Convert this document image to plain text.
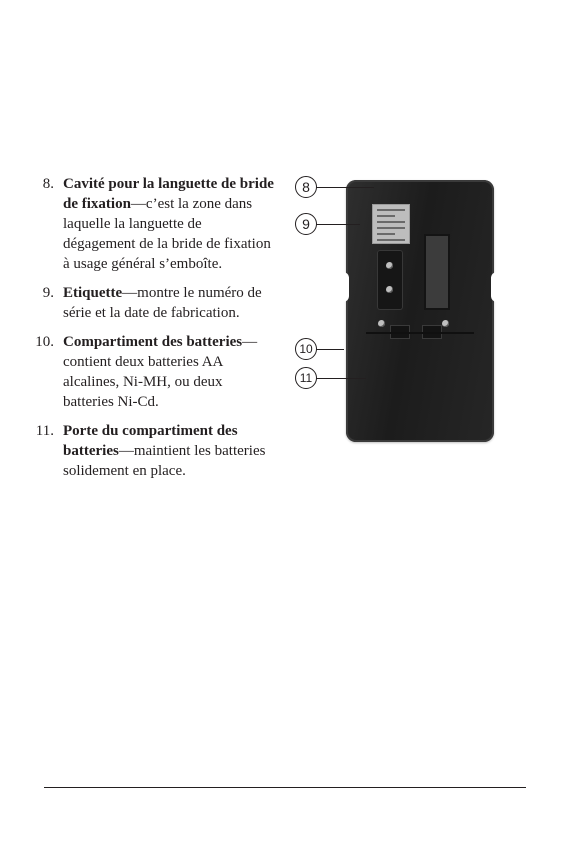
8. Cavité pour la languette de bride de fixation—c’est la zone dans laquelle la languette de dégagement de la bride de fixation à usage général s’emboîte.
9. Etiquette—montre le numéro de série et la date de fabrication.
10. Compartiment des batteries— contient deux batteries AA alcalines, Ni-MH, ou deux batteries Ni-Cd.
11. Porte du compartiment des batteries—maintient les batteries solidement en place.
8
9
10
11
